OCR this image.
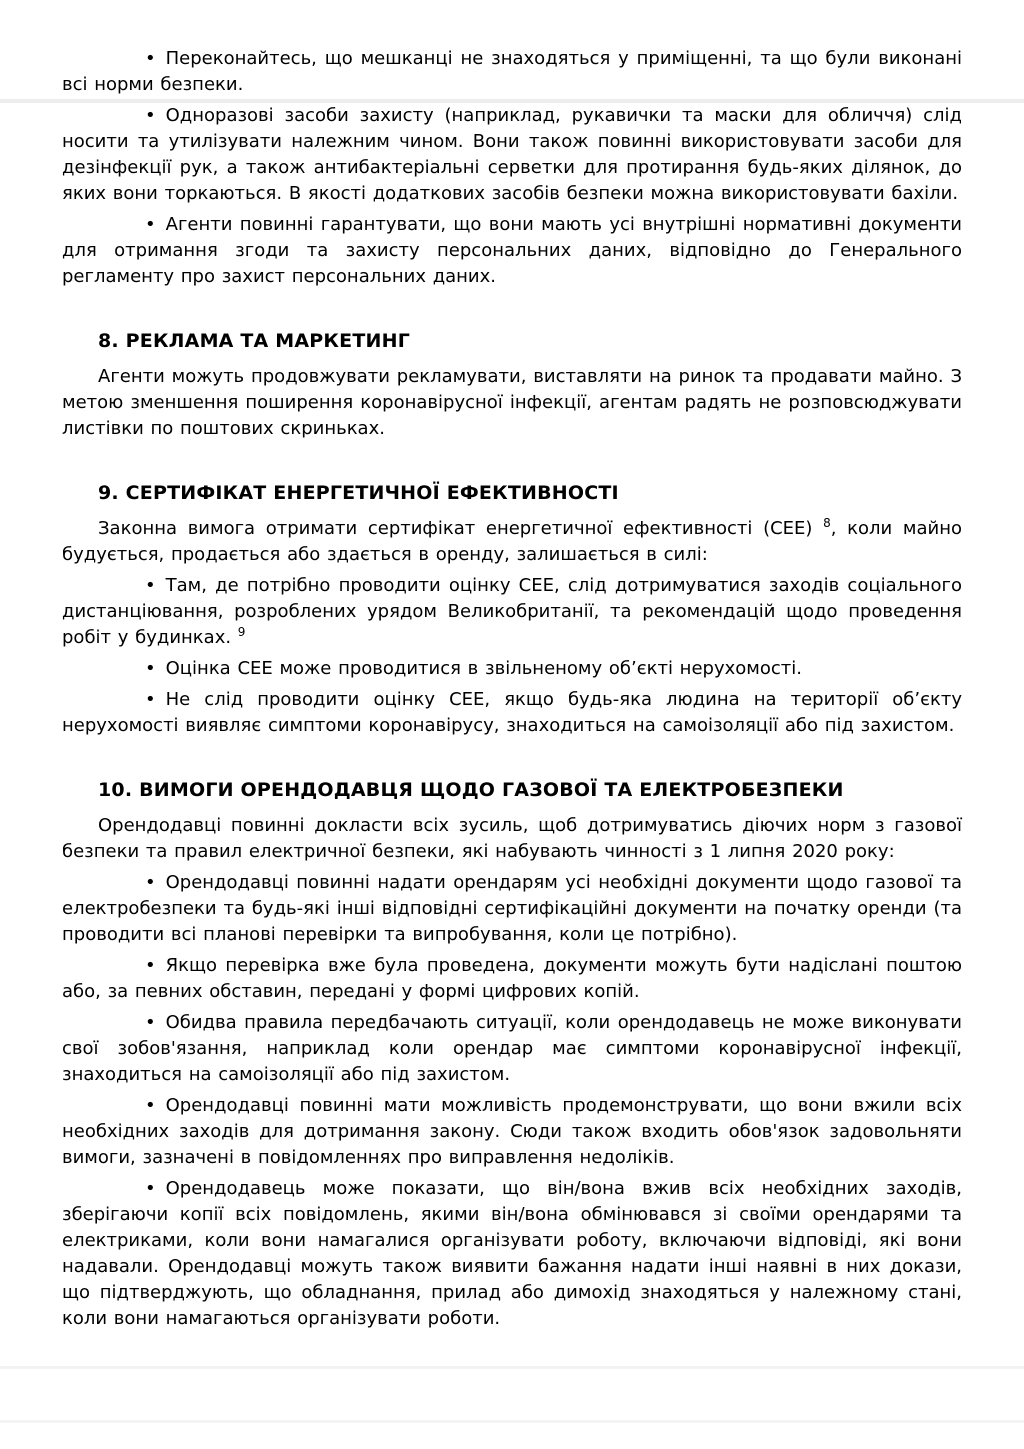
• Переконайтесь, що мешканці не знаходяться у приміщенні, та що були виконані всі норми безпеки.

• Одноразові засоби захисту (наприклад, рукавички та маски для обличчя) слід носити та утилізувати належним чином. Вони також повинні використовувати засоби для дезінфекції рук, а також антибактеріальні серветки для протирання будь-яких ділянок, до яких вони торкаються. В якості додаткових засобів безпеки можна використовувати бахіли.

• Агенти повинні гарантувати, що вони мають усі внутрішні нормативні документи для отримання згоди та захисту персональних даних, відповідно до Генерального регламенту про захист персональних даних.

8. РЕКЛАМА ТА МАРКЕТИНГ

Агенти можуть продовжувати рекламувати, виставляти на ринок та продавати майно. З метою зменшення поширення коронавірусної інфекції, агентам радять не розповсюджувати листівки по поштових скриньках.

9. СЕРТИФІКАТ ЕНЕРГЕТИЧНОЇ ЕФЕКТИВНОСТІ

Законна вимога отримати сертифікат енергетичної ефективності (СЕЕ) $^8$, коли майно будується, продається або здається в оренду, залишається в силі:

• Там, де потрібно проводити оцінку СЕЕ, слід дотримуватися заходів соціального дистанціювання, розроблених урядом Великобританії, та рекомендацій щодо проведення робіт у будинках. $^9$

• Оцінка СЕЕ може проводитися в звільненому об’єкті нерухомості.

• Не слід проводити оцінку СЕЕ, якщо будь-яка людина на території об’єкту нерухомості виявляє симптоми коронавірусу, знаходиться на самоізоляції або під захистом.

10. ВИМОГИ ОРЕНДОДАВЦЯ ЩОДО ГАЗОВОЇ ТА ЕЛЕКТРОБЕЗПЕКИ

Орендодавці повинні докласти всіх зусиль, щоб дотримуватись діючих норм з газової безпеки та правил електричної безпеки, які набувають чинності з 1 липня 2020 року:

• Орендодавці повинні надати орендарям усі необхідні документи щодо газової та електробезпеки та будь-які інші відповідні сертифікаційні документи на початку оренди (та проводити всі планові перевірки та випробування, коли це потрібно).

• Якщо перевірка вже була проведена, документи можуть бути надіслані поштою або, за певних обставин, передані у формі цифрових копій.

• Обидва правила передбачають ситуації, коли орендодавець не може виконувати свої зобов'язання, наприклад коли орендар має симптоми коронавірусної інфекції, знаходиться на самоізоляції або під захистом.

• Орендодавці повинні мати можливість продемонструвати, що вони вжили всіх необхідних заходів для дотримання закону. Сюди також входить обов'язок задовольняти вимоги, зазначені в повідомленнях про виправлення недоліків.

• Орендодавець може показати, що він/вона вжив всіх необхідних заходів, зберігаючи копії всіх повідомлень, якими він/вона обмінювався зі своїми орендарями та електриками, коли вони намагалися організувати роботу, включаючи відповіді, які вони надавали. Орендодавці можуть також виявити бажання надати інші наявні в них докази, що підтверджують, що обладнання, прилад або димохід знаходяться у належному стані, коли вони намагаються організувати роботи.
